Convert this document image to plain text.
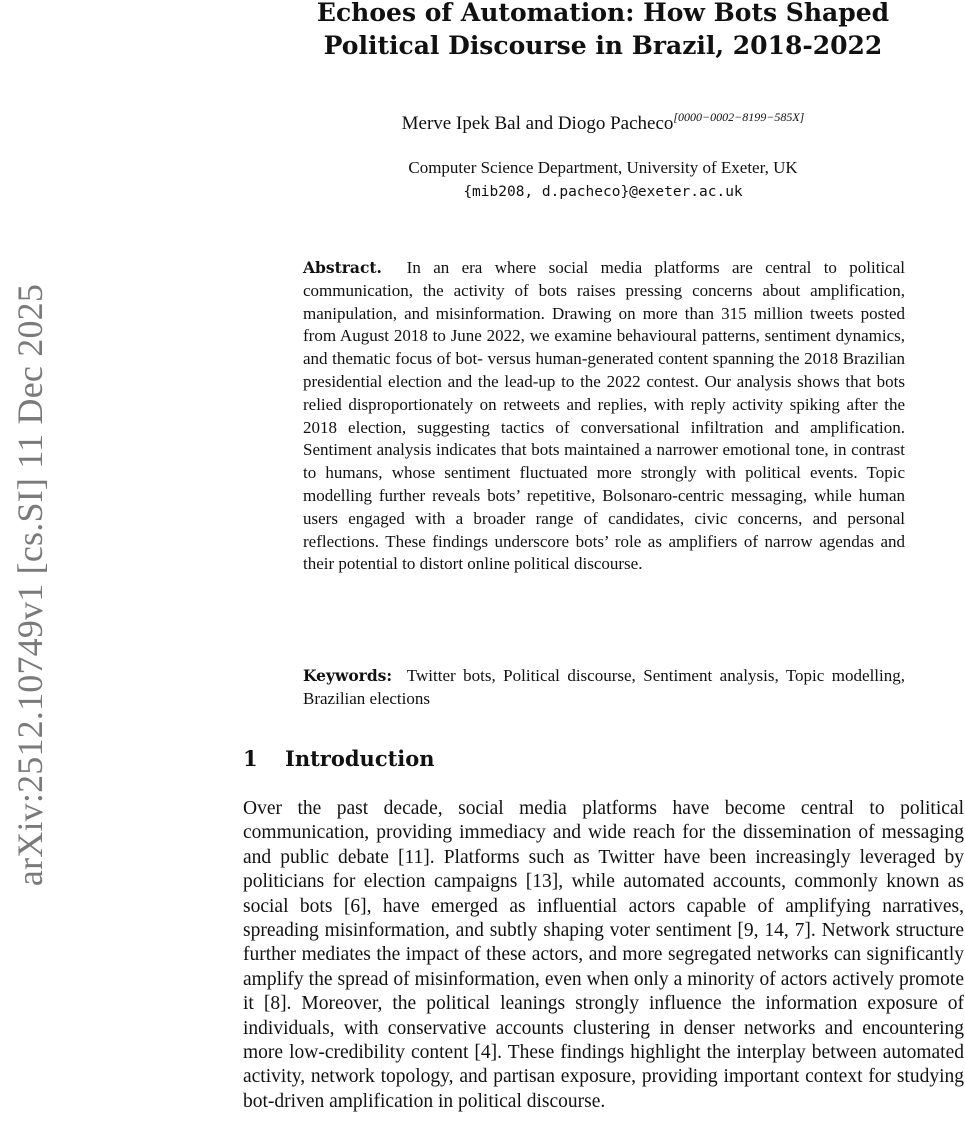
arXiv:2512.10749v1 [cs.SI] 11 Dec 2025
Echoes of Automation: How Bots Shaped
Political Discourse in Brazil, 2018-2022
Merve Ipek Bal and Diogo Pacheco[0000−0002−8199−585X]
Computer Science Department, University of Exeter, UK
{mib208, d.pacheco}@exeter.ac.uk

Abstract. In an era where social media platforms are central to political communication, the activity of bots raises pressing concerns about amplification, manipulation, and misinformation. Drawing on more than 315 million tweets posted from August 2018 to June 2022, we examine behavioural patterns, sentiment dynamics, and thematic focus of bot- versus human-generated content spanning the 2018 Brazilian presidential election and the lead-up to the 2022 contest. Our analysis shows that bots relied disproportionately on retweets and replies, with reply activity spiking after the 2018 election, suggesting tactics of conversational infiltration and amplification. Sentiment analysis indicates that bots maintained a narrower emotional tone, in contrast to humans, whose sentiment fluctuated more strongly with political events. Topic modelling further reveals bots’ repetitive, Bolsonaro-centric messaging, while human users engaged with a broader range of candidates, civic concerns, and personal reflections. These findings underscore bots’ role as amplifiers of narrow agendas and their potential to distort online political discourse.

Keywords: Twitter bots, Political discourse, Sentiment analysis, Topic modelling, Brazilian elections

1 Introduction

Over the past decade, social media platforms have become central to political communication, providing immediacy and wide reach for the dissemination of messaging and public debate [11]. Platforms such as Twitter have been increasingly leveraged by politicians for election campaigns [13], while automated accounts, commonly known as social bots [6], have emerged as influential actors capable of amplifying narratives, spreading misinformation, and subtly shaping voter sentiment [9, 14, 7]. Network structure further mediates the impact of these actors, and more segregated networks can significantly amplify the spread of misinformation, even when only a minority of actors actively promote it [8]. Moreover, the political leanings strongly influence the information exposure of individuals, with conservative accounts clustering in denser networks and encountering more low-credibility content [4]. These findings highlight the interplay between automated activity, network topology, and partisan exposure, providing important context for studying bot-driven amplification in political discourse.
